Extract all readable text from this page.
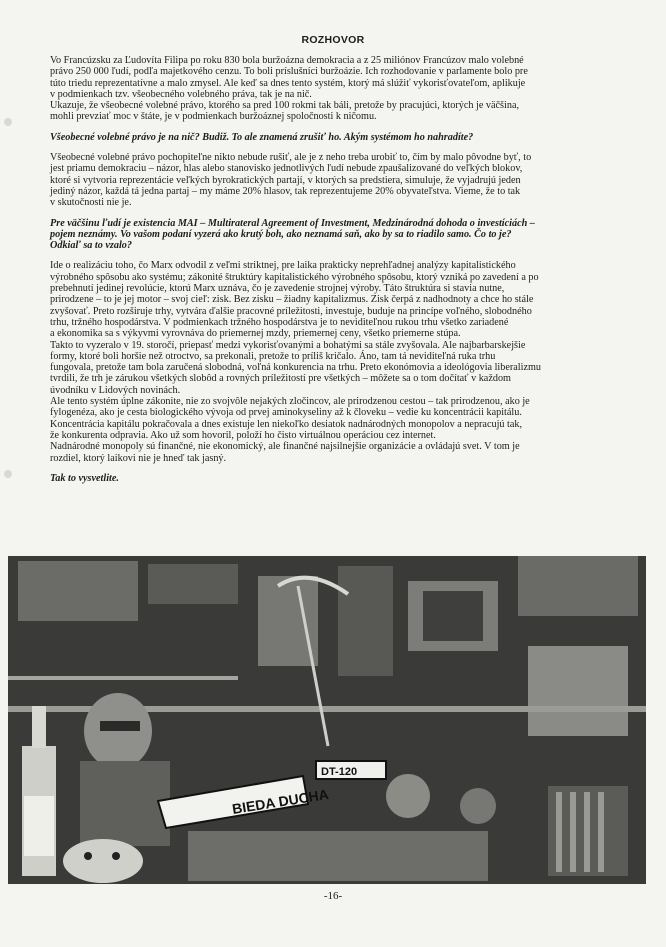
ROZHOVOR

Vo Francúzsku za Ľudovíta Filipa po roku 830 bola buržoázna demokracia a z 25 miliónov Francúzov malo volebné

právo 250 000 ľudí, podľa majetkového cenzu. To boli príslušníci buržoázie. Ich rozhodovanie v parlamente bolo pre

túto triedu reprezentatívne a malo zmysel. Ale keď sa dnes tento systém, ktorý má slúžiť vykorisťovateľom, aplikuje

v podmienkach tzv. všeobecného volebného práva, tak je na nič.

Ukazuje, že všeobecné volebné právo, ktorého sa pred 100 rokmi tak báli, pretože by pracujúci, ktorých je väčšina,

mohli prevziať moc v štáte, je v podmienkach buržoáznej spoločnosti k ničomu.

Všeobecné volebné právo je na nič? Budiž. To ale znamená zrušiť ho. Akým systémom ho nahradíte?

Všeobecné volebné právo pochopiteľne nikto nebude rušiť, ale je z neho treba urobiť to, čím by malo pôvodne byť, to

jest priamu demokraciu – názor, hlas alebo stanovisko jednotlivých ľudí nebude zpaušalizované do veľkých blokov,

ktoré si vytvoria reprezentácie veľkých byrokratických partají, v ktorých sa predstiera, simuluje, že vyjadrujú jeden

jediný názor, každá tá jedna partaj – my máme 20% hlasov, tak reprezentujeme 20% obyvateľstva. Vieme, že to tak

v skutočnosti nie je.

Pre väčšinu ľudí je existencia MAI – Multirateral Agreement of Investment, Medzinárodná dohoda o investíciách –

pojem neznámy. Vo vašom podaní vyzerá ako krutý boh, ako neznamá saň, ako by sa to riadilo samo. Čo to je?

Odkiaľ sa to vzalo?

Ide o realizáciu toho, čo Marx odvodil z veľmi striktnej, pre laika prakticky neprehľadnej analýzy kapitalistického

výrobného spôsobu ako systému; zákonité štruktúry kapitalistického výrobného spôsobu, ktorý vzniká po zavedení a po

prebehnutí jedinej revolúcie, ktorú Marx uznáva, čo je zavedenie strojnej výroby. Táto štruktúra si stavia nutne,

prirodzene – to je jej motor – svoj cieľ: zisk. Bez zisku – žiadny kapitalizmus. Zisk čerpá z nadhodnoty a chce ho stále

zvyšovať. Preto rozširuje trhy, vytvára ďalšie pracovné príležitosti, investuje, buduje na princípe voľného, slobodného

trhu, tržného hospodárstva. V podmienkach tržného hospodárstva je to neviditeľnou rukou trhu všetko zariadené

a ekonomika sa s výkyvmi vyrovnáva do priemernej mzdy, priemernej ceny, všetko priemerne stúpa.

Takto to vyzeralo v 19. storočí, priepasť medzi vykorisťovanými a bohatými sa stále zvyšovala. Ale najbarbarskejšie

formy, ktoré boli horšie než otroctvo, sa prekonali, pretože to príliš kričalo. Áno, tam tá neviditeľná ruka trhu

fungovala, pretože tam bola zaručená slobodná, voľná konkurencia na trhu. Preto ekonómovia a ideológovia liberalizmu

tvrdili, že trh je zárukou všetkých slobôd a rovných príležitostí pre všetkých – môžete sa o tom dočítať v každom

úvodníku v Lidových novinách.

Ale tento systém úplne zákonite, nie zo svojvôle nejakých zločincov, ale prirodzenou cestou – tak prirodzenou, ako je

fylogenéza, ako je cesta biologického vývoja od prvej aminokyseliny až k človeku – vedie ku koncentrácii kapitálu.

Koncentrácia kapitálu pokračovala a dnes existuje len niekoľko desiatok nadnárodných monopolov a nepracujú tak,

že konkurenta odpravia. Ako už som hovoril, položí ho čisto virtuálnou operáciou cez internet.

Nadnárodné monopoly sú finančné, nie ekonomický, ale finančné najsilnejšie organizácie a ovládajú svet. V tom je

rozdiel, ktorý laikovi nie je hneď tak jasný.

Tak to vysvetlite.

BIEDA DUCHA
DT-120
-16-
